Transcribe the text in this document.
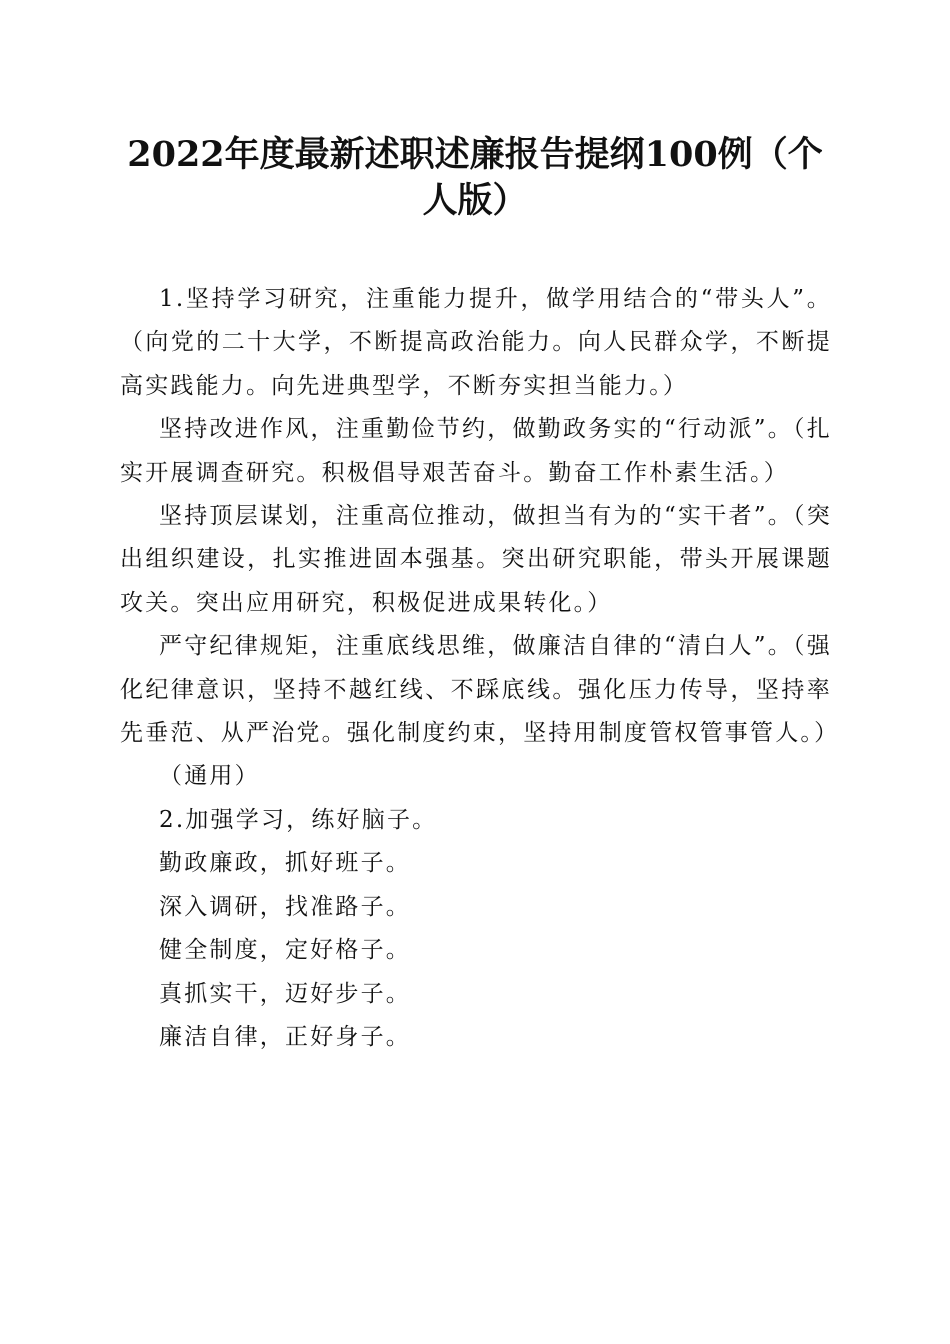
2022年度最新述职述廉报告提纲100例（个人版）

1.坚持学习研究，注重能力提升，做学用结合的“带头人”。（向党的二十大学，不断提高政治能力。向人民群众学，不断提高实践能力。向先进典型学，不断夯实担当能力。）

坚持改进作风，注重勤俭节约，做勤政务实的“行动派”。（扎实开展调查研究。积极倡导艰苦奋斗。勤奋工作朴素生活。）

坚持顶层谋划，注重高位推动，做担当有为的“实干者”。（突出组织建设，扎实推进固本强基。突出研究职能，带头开展课题攻关。突出应用研究，积极促进成果转化。）

严守纪律规矩，注重底线思维，做廉洁自律的“清白人”。（强化纪律意识，坚持不越红线、不踩底线。强化压力传导，坚持率先垂范、从严治党。强化制度约束，坚持用制度管权管事管人。）

（通用）

2.加强学习，练好脑子。

勤政廉政，抓好班子。

深入调研，找准路子。

健全制度，定好格子。

真抓实干，迈好步子。

廉洁自律，正好身子。
